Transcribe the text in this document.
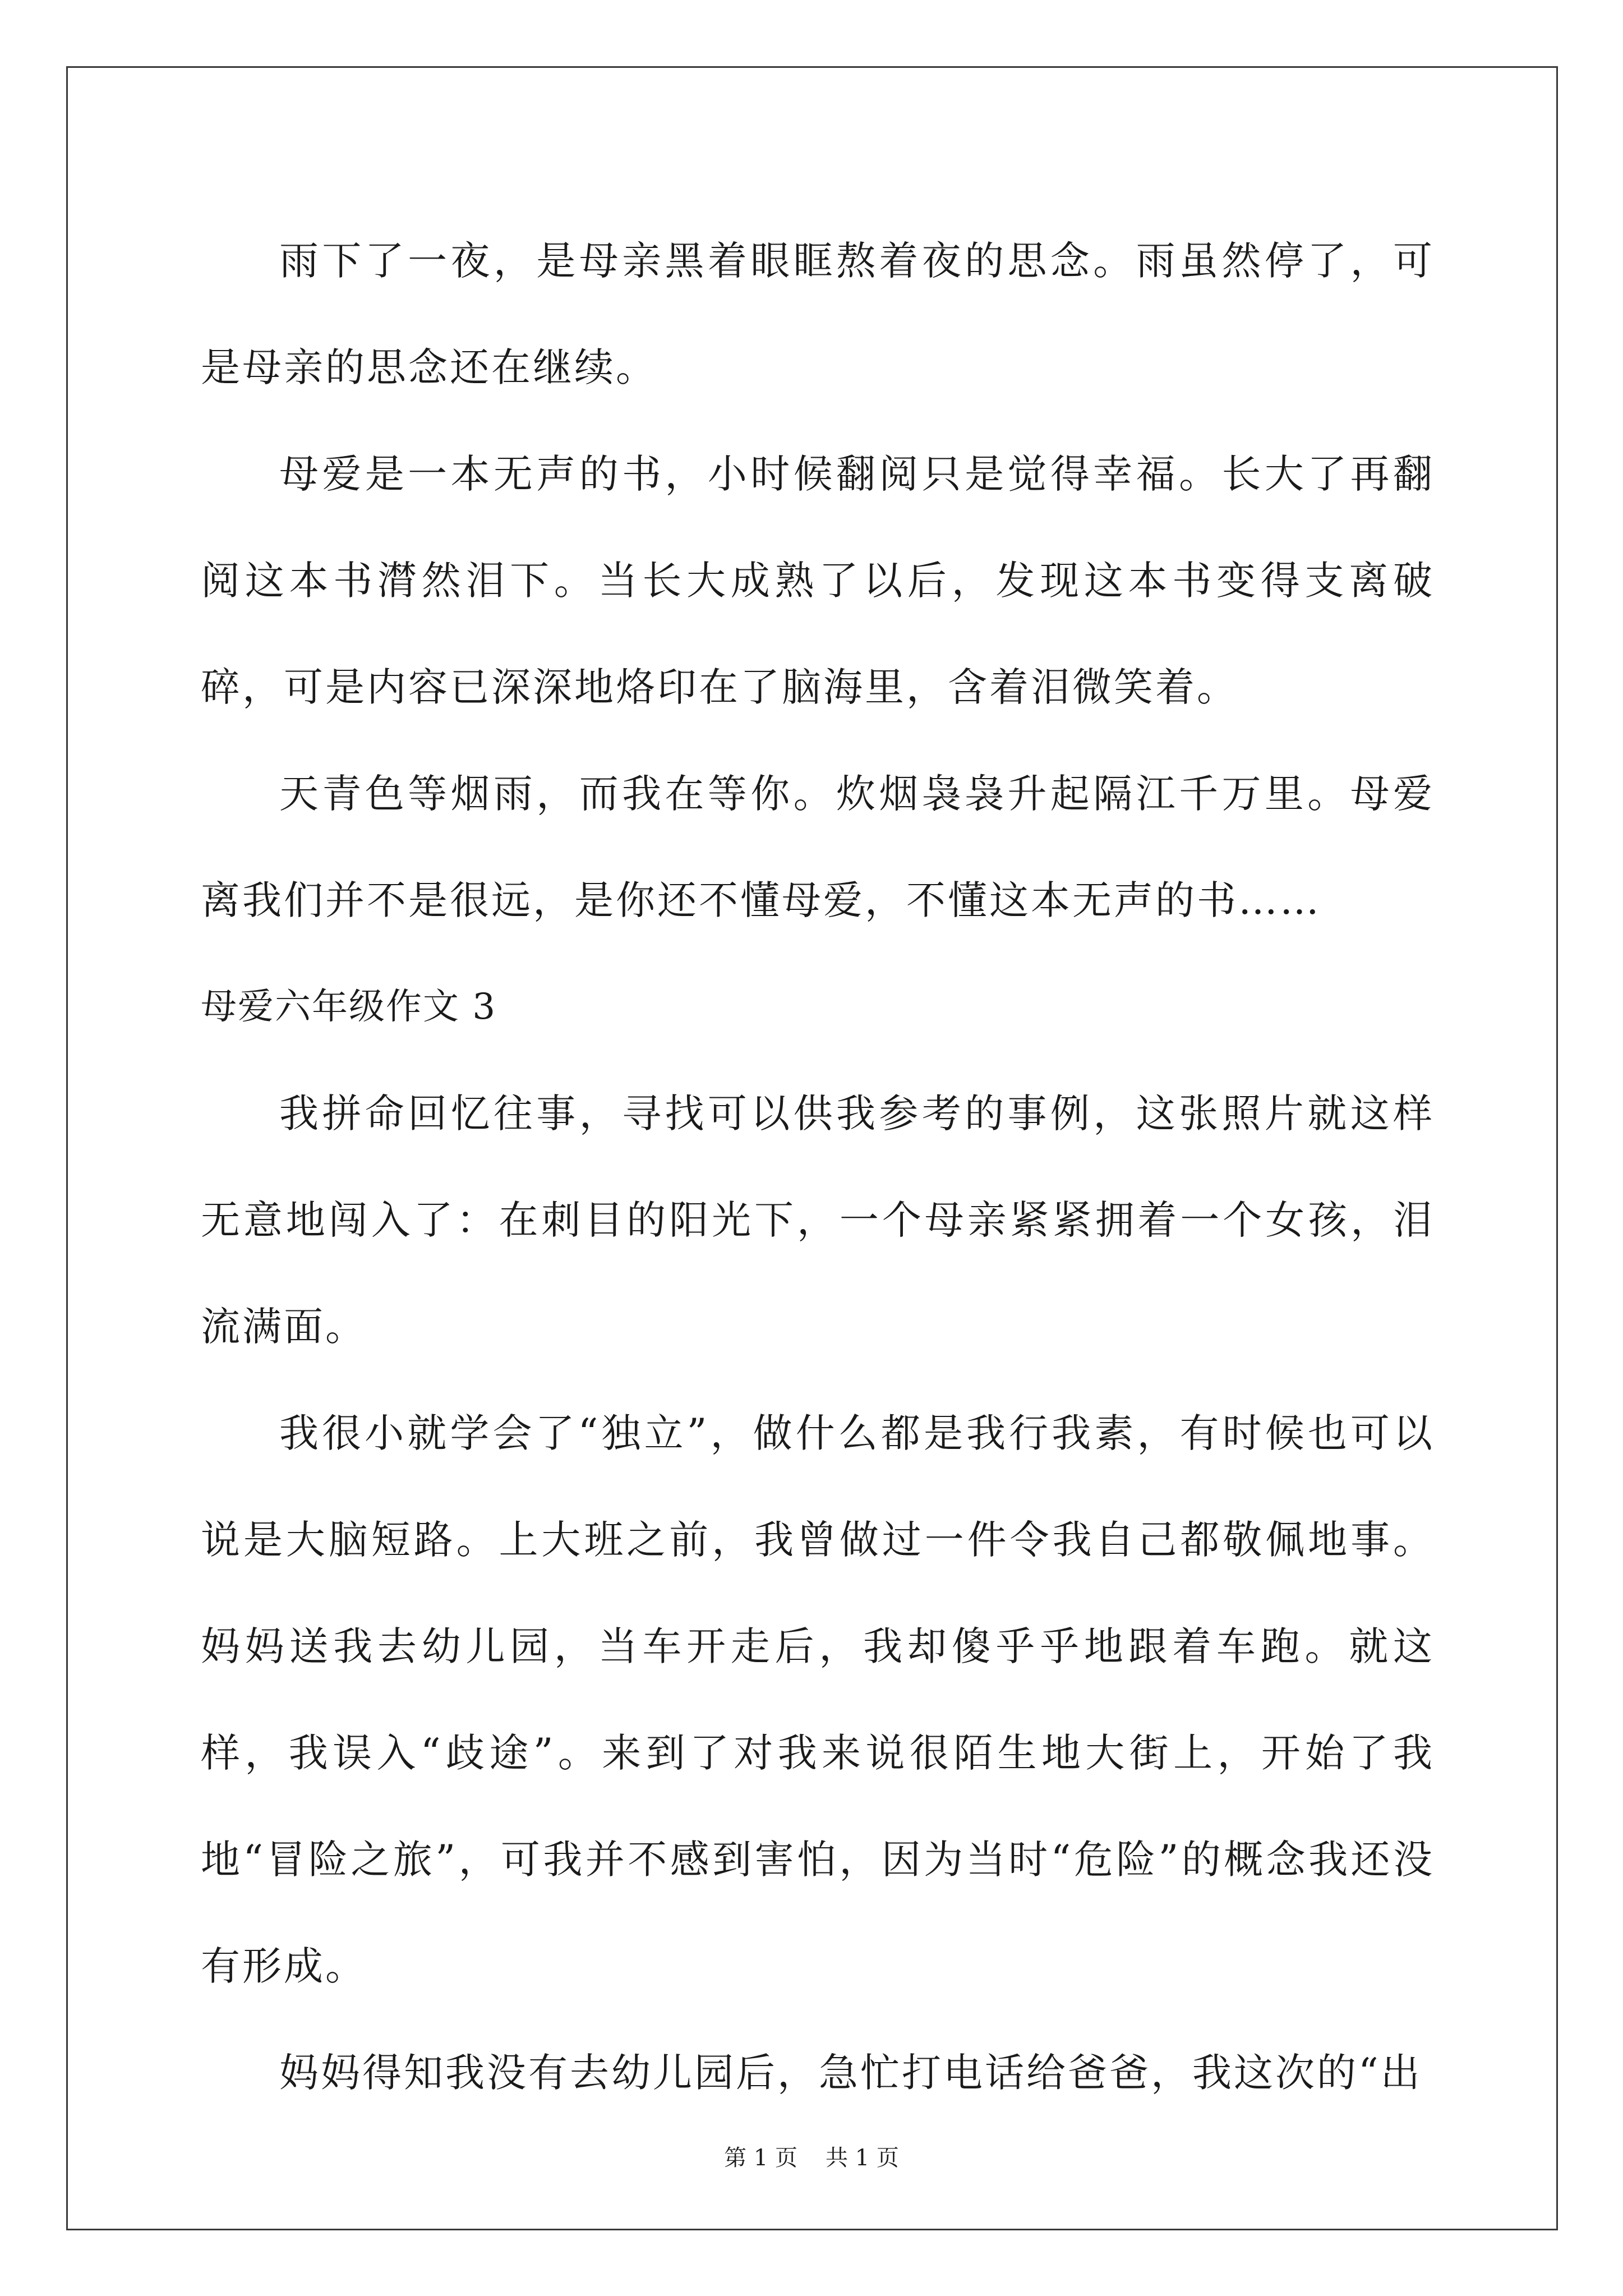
雨下了一夜，是母亲黑着眼眶熬着夜的思念。雨虽然停了，可是母亲的思念还在继续。

母爱是一本无声的书，小时候翻阅只是觉得幸福。长大了再翻阅这本书潸然泪下。当长大成熟了以后，发现这本书变得支离破碎，可是内容已深深地烙印在了脑海里，含着泪微笑着。

天青色等烟雨，而我在等你。炊烟袅袅升起隔江千万里。母爱离我们并不是很远，是你还不懂母爱，不懂这本无声的书……

母爱六年级作文 3

我拼命回忆往事，寻找可以供我参考的事例，这张照片就这样无意地闯入了：在刺目的阳光下，一个母亲紧紧拥着一个女孩，泪流满面。

我很小就学会了“独立”，做什么都是我行我素，有时候也可以说是大脑短路。上大班之前，我曾做过一件令我自己都敬佩地事。妈妈送我去幼儿园，当车开走后，我却傻乎乎地跟着车跑。就这样，我误入“歧途”。来到了对我来说很陌生地大街上，开始了我地“冒险之旅”，可我并不感到害怕，因为当时“危险”的概念我还没有形成。

妈妈得知我没有去幼儿园后，急忙打电话给爸爸，我这次的“出

第 1 页 共 1 页
